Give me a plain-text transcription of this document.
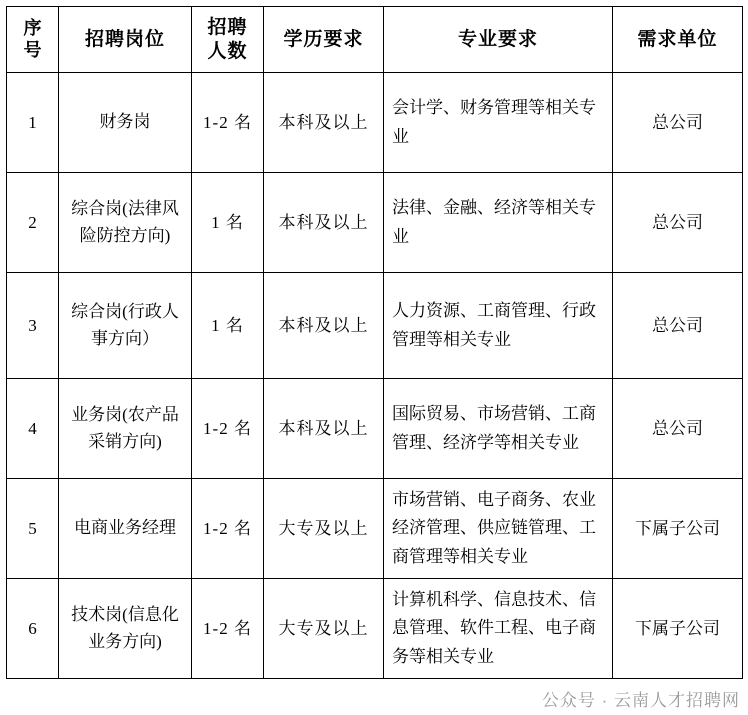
序号	招聘岗位	招聘人数	学历要求	专业要求	需求单位
1	财务岗	1-2 名	本科及以上	会计学、财务管理等相关专业	总公司
2	综合岗(法律风险防控方向)	1 名	本科及以上	法律、金融、经济等相关专业	总公司
3	综合岗(行政人事方向）	1 名	本科及以上	人力资源、工商管理、行政管理等相关专业	总公司
4	业务岗(农产品采销方向)	1-2 名	本科及以上	国际贸易、市场营销、工商管理、经济学等相关专业	总公司
5	电商业务经理	1-2 名	大专及以上	市场营销、电子商务、农业经济管理、供应链管理、工商管理等相关专业	下属子公司
6	技术岗(信息化业务方向)	1-2 名	大专及以上	计算机科学、信息技术、信息管理、软件工程、电子商务等相关专业	下属子公司
公众号 · 云南人才招聘网
